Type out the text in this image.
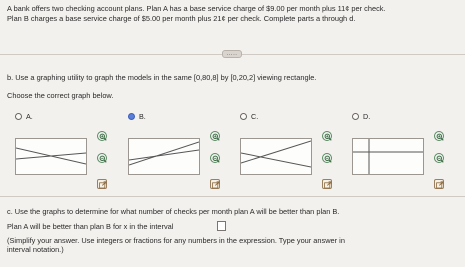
A bank offers two checking account plans. Plan A has a base service charge of $9.00 per month plus 11¢ per check.
Plan B charges a base service charge of $5.00 per month plus 21¢ per check. Complete parts a through d.
.....
b. Use a graphing utility to graph the models in the same [0,80,8] by [0,20,2] viewing rectangle.
Choose the correct graph below.
A.	B.	C.	D.
c. Use the graphs to determine for what number of checks per month plan A will be better than plan B.
Plan A will be better than plan B for x in the interval
(Simplify your answer. Use integers or fractions for any numbers in the expression. Type your answer in
interval notation.)
